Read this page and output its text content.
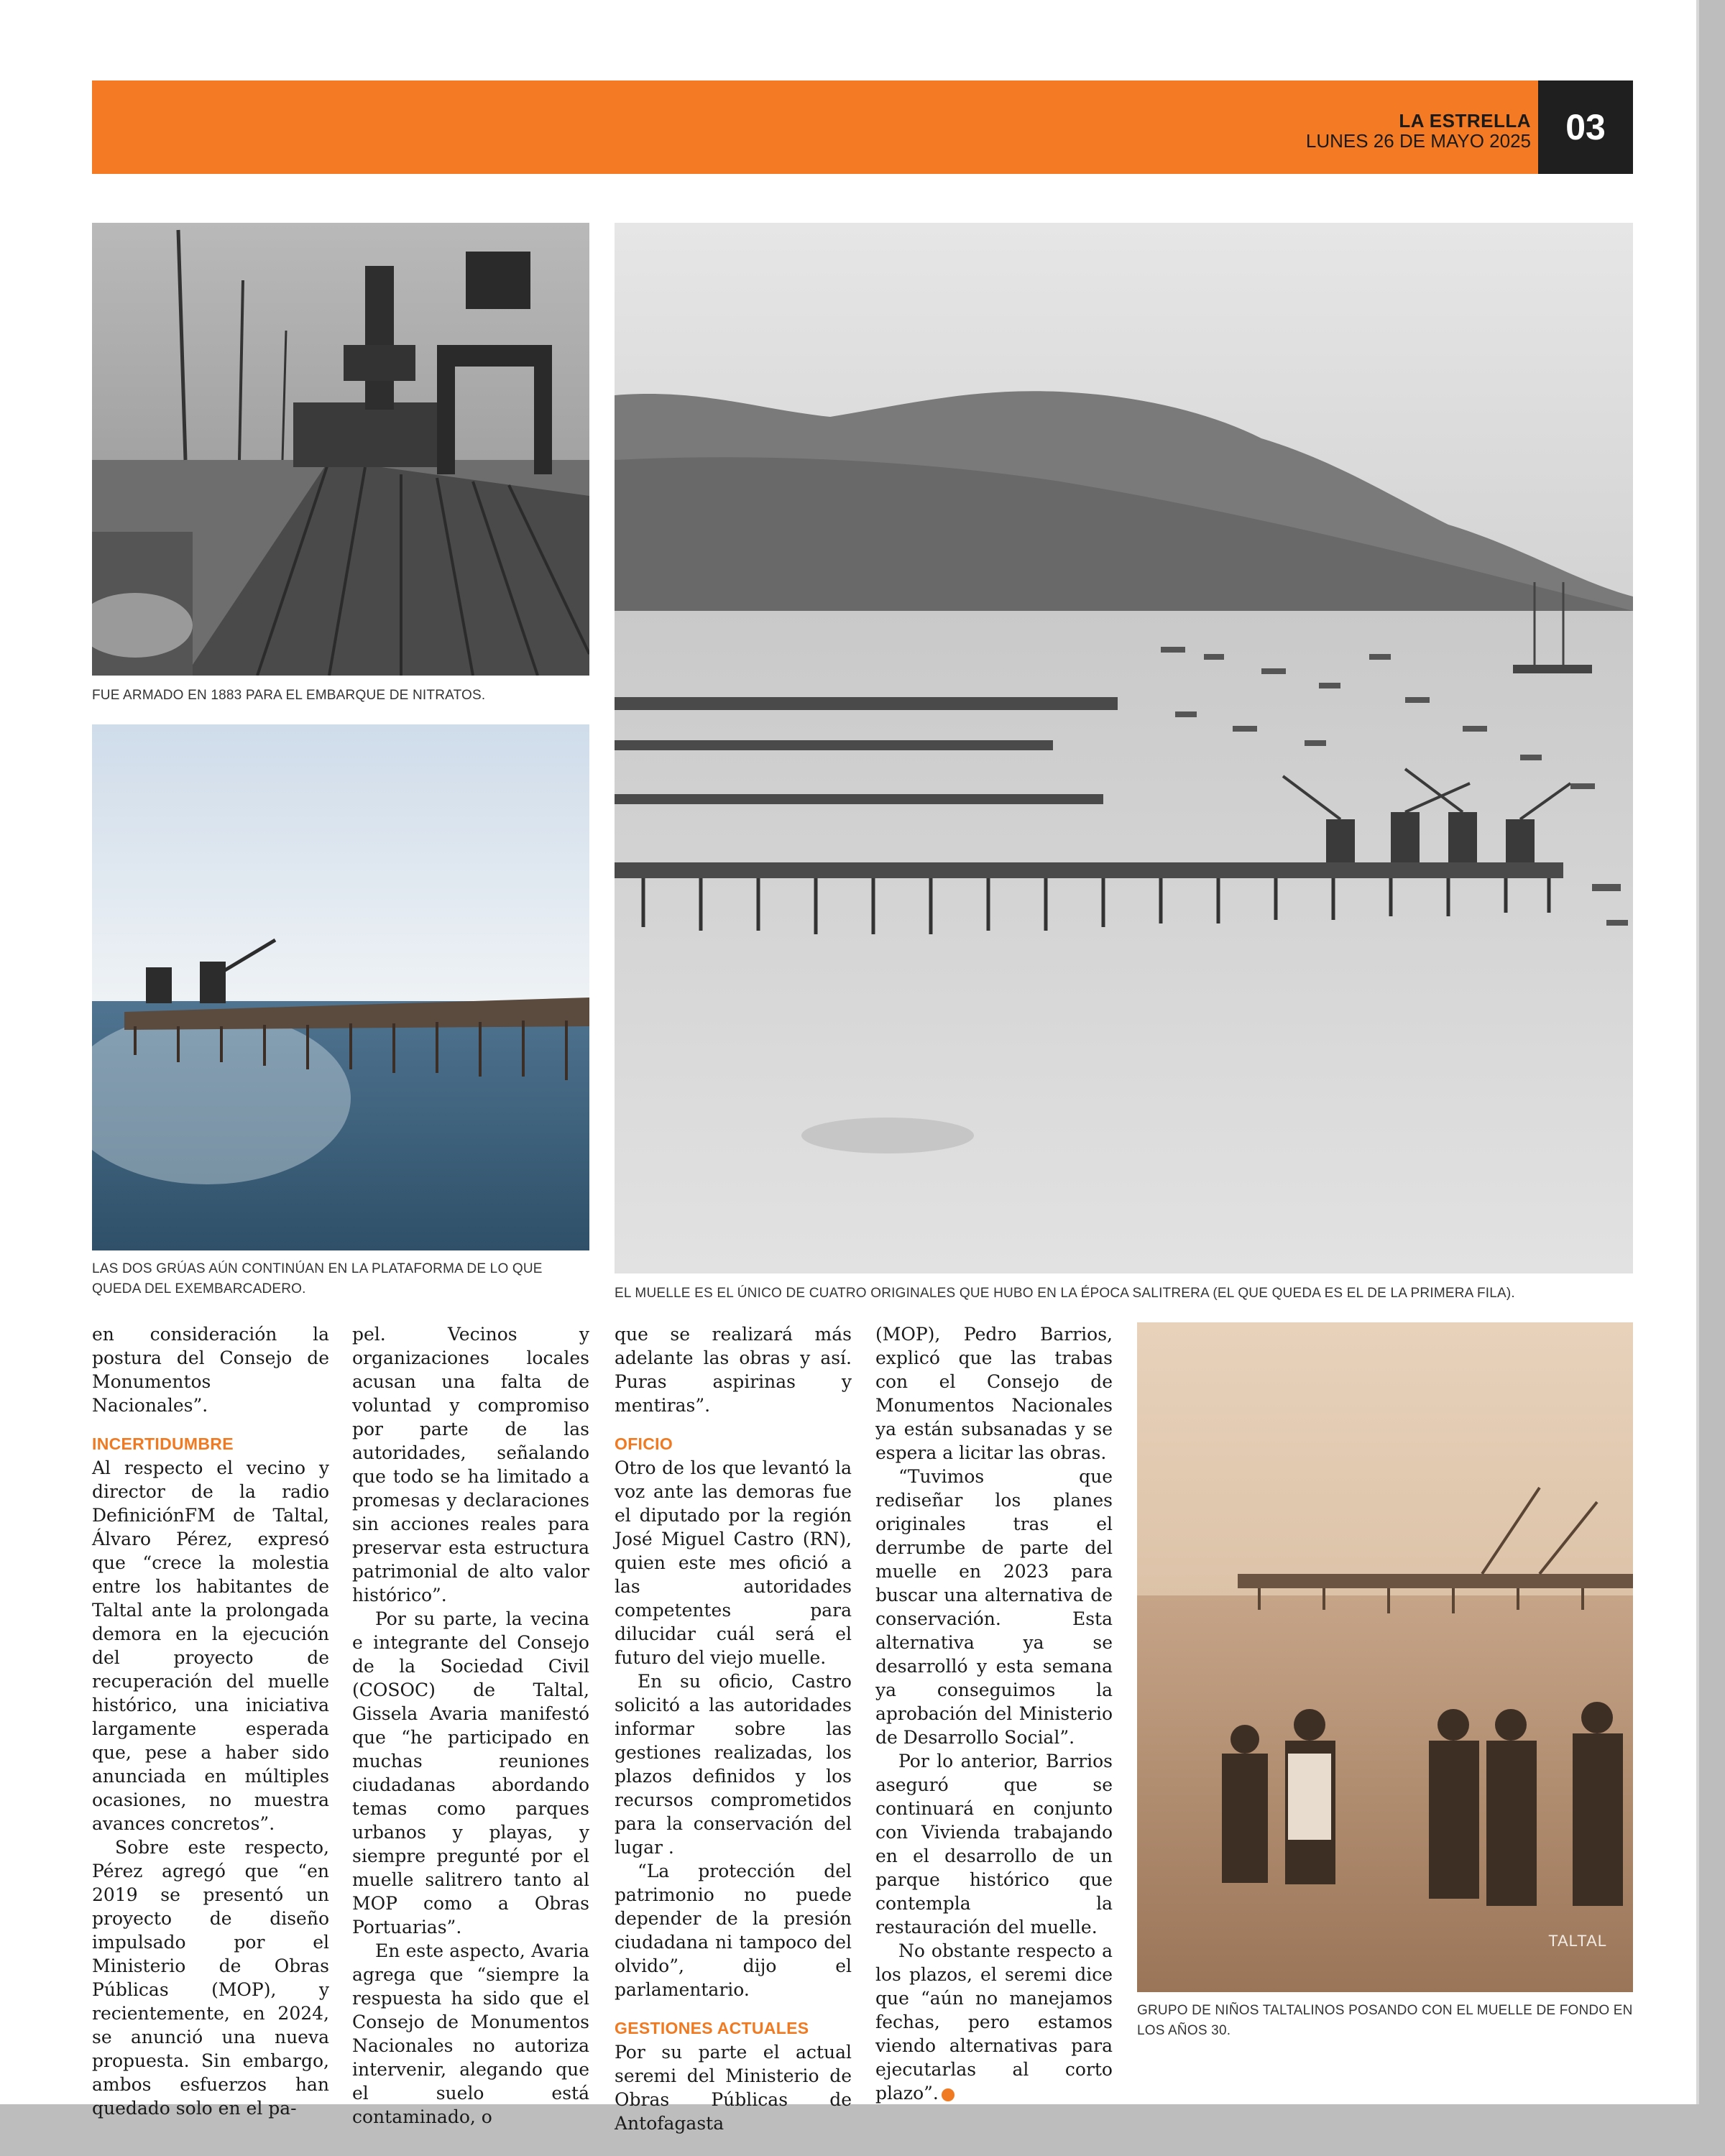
LA ESTRELLA
LUNES 26 DE MAYO 2025 03
FUE ARMADO EN 1883 PARA EL EMBARQUE DE NITRATOS.
LAS DOS GRÚAS AÚN CONTINÚAN EN LA PLATAFORMA DE LO QUE QUEDA DEL EXEMBARCADERO.	EL MUELLE ES EL ÚNICO DE CUATRO ORIGINALES QUE HUBO EN LA ÉPOCA SALITRERA (EL QUE QUEDA ES EL DE LA PRIMERA FILA).
TALTAL
GRUPO DE NIÑOS TALTALINOS POSANDO CON EL MUELLE DE FONDO EN LOS AÑOS 30.

en consideración la postura del Consejo de Monumentos Nacionales”.

INCERTIDUMBRE

Al respecto el vecino y director de la radio DefiniciónFM de Taltal, Álvaro Pérez, expresó que “crece la molestia entre los habitantes de Taltal ante la prolongada demora en la ejecución del proyecto de recuperación del muelle histórico, una iniciativa largamente esperada que, pese a haber sido anunciada en múltiples ocasiones, no muestra avances concretos”.

Sobre este respecto, Pérez agregó que “en 2019 se presentó un proyecto de diseño impulsado por el Ministerio de Obras Públicas (MOP), y recientemente, en 2024, se anunció una nueva propuesta. Sin embargo, ambos esfuerzos han quedado solo en el pa-

pel. Vecinos y organizaciones locales acusan una falta de voluntad y compromiso por parte de las autoridades, señalando que todo se ha limitado a promesas y declaraciones sin acciones reales para preservar esta estructura patrimonial de alto valor histórico”.

Por su parte, la vecina e integrante del Consejo de la Sociedad Civil (COSOC) de Taltal, Gissela Avaria manifestó que “he participado en muchas reuniones ciudadanas abordando temas como parques urbanos y playas, y siempre pregunté por el muelle salitrero tanto al MOP como a Obras Portuarias”.

En este aspecto, Avaria agrega que “siempre la respuesta ha sido que el Consejo de Monumentos Nacionales no autoriza intervenir, alegando que el suelo está contaminado, o

que se realizará más adelante las obras y así. Puras aspirinas y mentiras”.

OFICIO

Otro de los que levantó la voz ante las demoras fue el diputado por la región José Miguel Castro (RN), quien este mes ofició a las autoridades competentes para dilucidar cuál será el futuro del viejo muelle.

En su oficio, Castro solicitó a las autoridades informar sobre las gestiones realizadas, los plazos definidos y los recursos comprometidos para la conservación del lugar .

“La protección del patrimonio no puede depender de la presión ciudadana ni tampoco del olvido”, dijo el parlamentario.

GESTIONES ACTUALES

Por su parte el actual seremi del Ministerio de Obras Públicas de Antofagasta

(MOP), Pedro Barrios, explicó que las trabas con el Consejo de Monumentos Nacionales ya están subsanadas y se espera a licitar las obras.

“Tuvimos que rediseñar los planes originales tras el derrumbe de parte del muelle en 2023 para buscar una alternativa de conservación. Esta alternativa ya se desarrolló y esta semana ya conseguimos la aprobación del Ministerio de Desarrollo Social”.

Por lo anterior, Barrios aseguró que se continuará en conjunto con Vivienda trabajando en el desarrollo de un parque histórico que contempla la restauración del muelle.

No obstante respecto a los plazos, el seremi dice que “aún no manejamos fechas, pero estamos viendo alternativas para ejecutarlas al corto plazo”.
